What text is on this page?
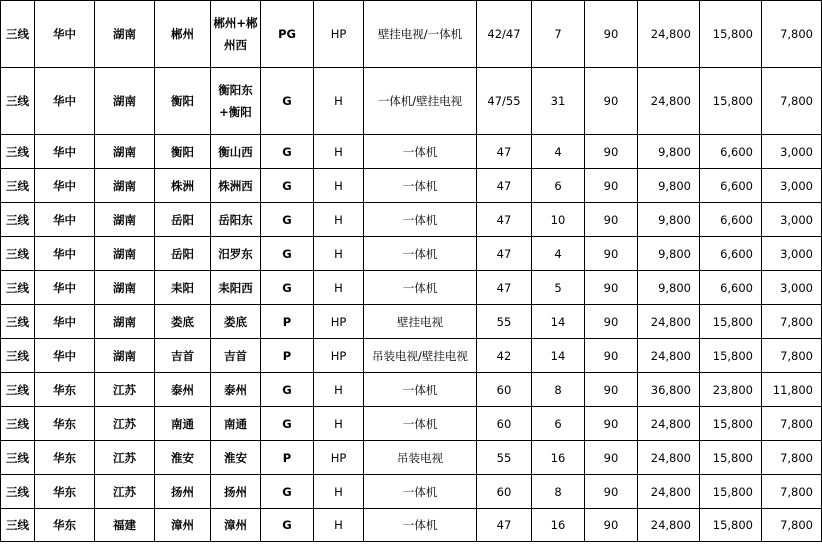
三线	华中	湖南	郴州	郴州+郴州西	PG	HP	壁挂电视/一体机	42/47	7	90	24,800	15,800	7,800
三线	华中	湖南	衡阳	衡阳东+衡阳	G	H	一体机/壁挂电视	47/55	31	90	24,800	15,800	7,800
三线	华中	湖南	衡阳	衡山西	G	H	一体机	47	4	90	9,800	6,600	3,000
三线	华中	湖南	株洲	株洲西	G	H	一体机	47	6	90	9,800	6,600	3,000
三线	华中	湖南	岳阳	岳阳东	G	H	一体机	47	10	90	9,800	6,600	3,000
三线	华中	湖南	岳阳	汨罗东	G	H	一体机	47	4	90	9,800	6,600	3,000
三线	华中	湖南	耒阳	耒阳西	G	H	一体机	47	5	90	9,800	6,600	3,000
三线	华中	湖南	娄底	娄底	P	HP	壁挂电视	55	14	90	24,800	15,800	7,800
三线	华中	湖南	吉首	吉首	P	HP	吊装电视/壁挂电视	42	14	90	24,800	15,800	7,800
三线	华东	江苏	泰州	泰州	G	H	一体机	60	8	90	36,800	23,800	11,800
三线	华东	江苏	南通	南通	G	H	一体机	60	6	90	24,800	15,800	7,800
三线	华东	江苏	淮安	淮安	P	HP	吊装电视	55	16	90	24,800	15,800	7,800
三线	华东	江苏	扬州	扬州	G	H	一体机	60	8	90	24,800	15,800	7,800
三线	华东	福建	漳州	漳州	G	H	一体机	47	16	90	24,800	15,800	7,800
